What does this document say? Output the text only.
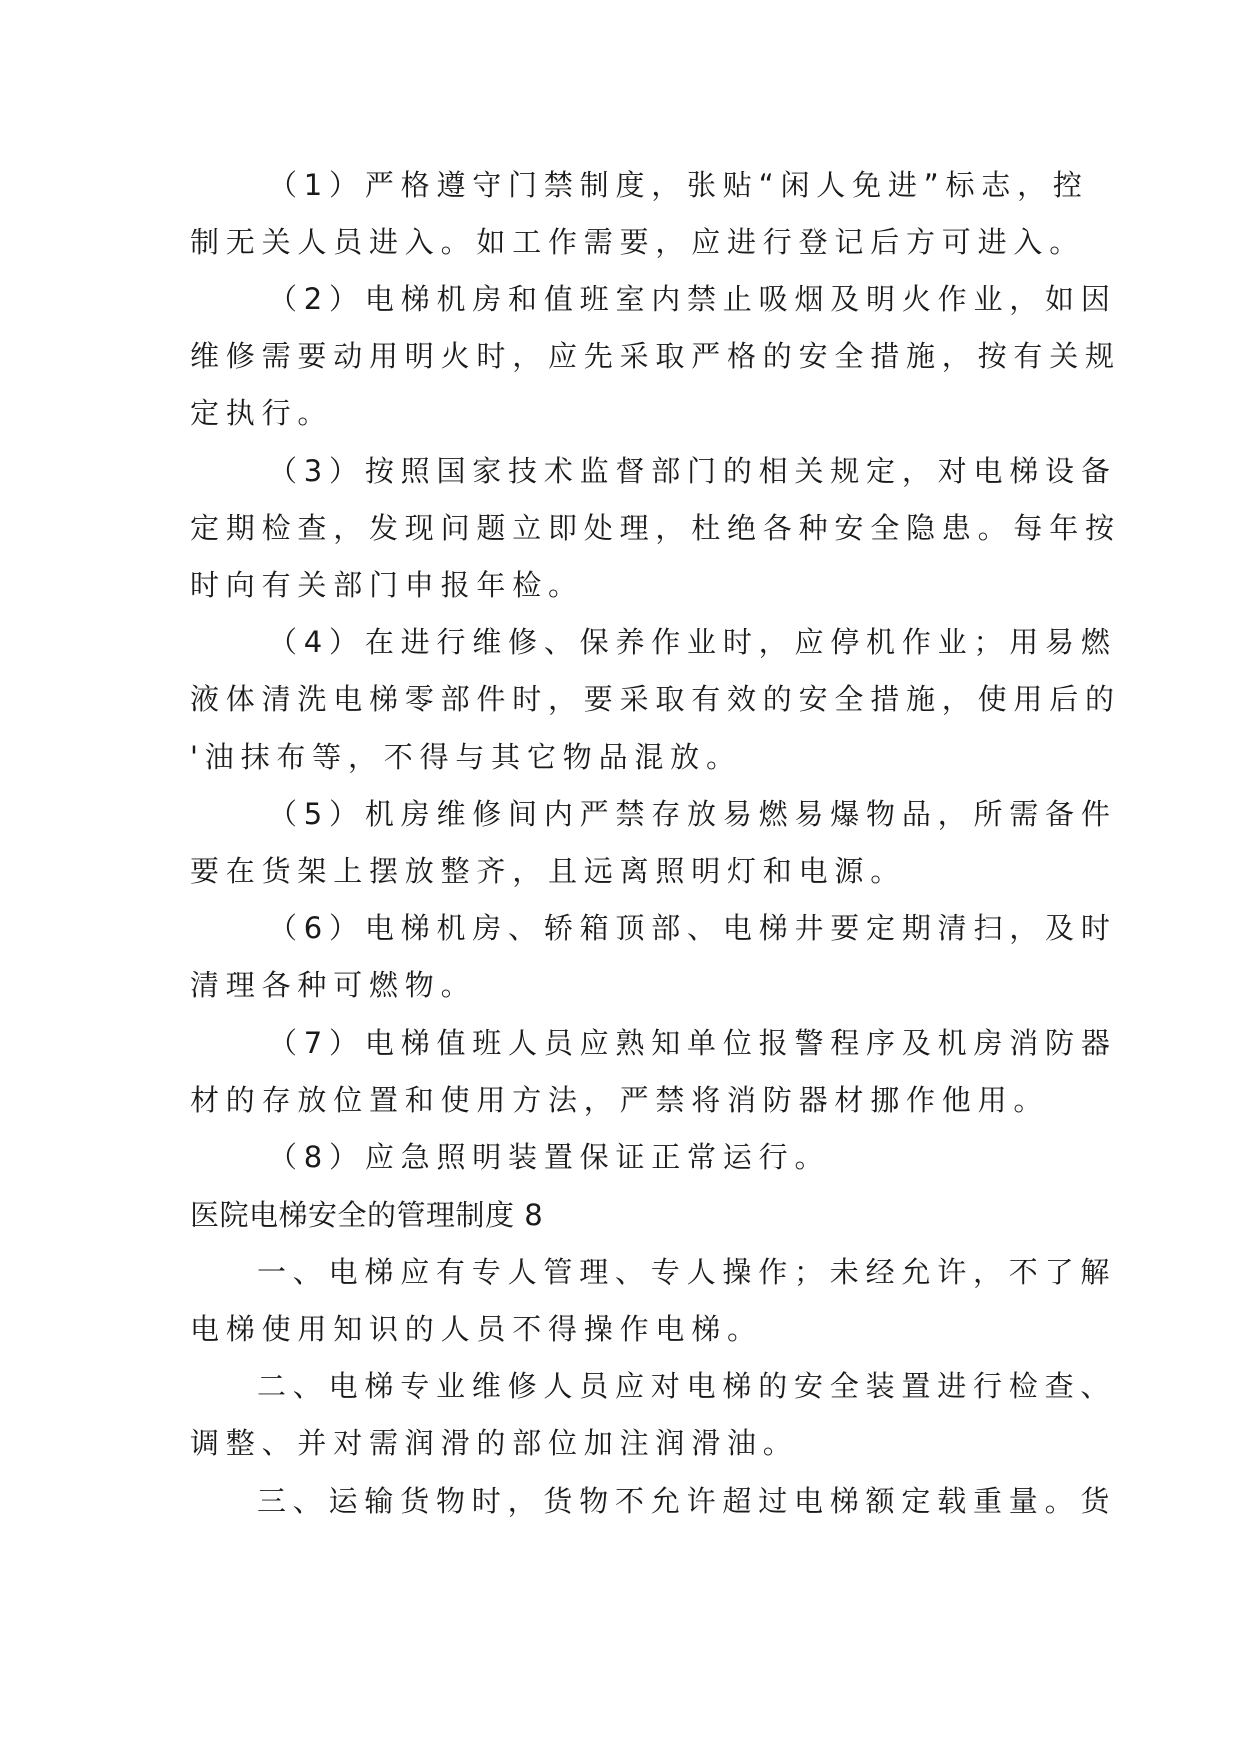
（1）严格遵守门禁制度，张贴“闲人免进”标志，控
制无关人员进入。如工作需要，应进行登记后方可进入。
（2）电梯机房和值班室内禁止吸烟及明火作业，如因
维修需要动用明火时，应先采取严格的安全措施，按有关规
定执行。
（3）按照国家技术监督部门的相关规定，对电梯设备
定期检查，发现问题立即处理，杜绝各种安全隐患。每年按
时向有关部门申报年检。
（4）在进行维修、保养作业时，应停机作业；用易燃
液体清洗电梯零部件时，要采取有效的安全措施，使用后的
'油抹布等，不得与其它物品混放。
（5）机房维修间内严禁存放易燃易爆物品，所需备件
要在货架上摆放整齐，且远离照明灯和电源。
（6）电梯机房、轿箱顶部、电梯井要定期清扫，及时
清理各种可燃物。
（7）电梯值班人员应熟知单位报警程序及机房消防器
材的存放位置和使用方法，严禁将消防器材挪作他用。
（8）应急照明装置保证正常运行。
医院电梯安全的管理制度 8
一、电梯应有专人管理、专人操作；未经允许，不了解
电梯使用知识的人员不得操作电梯。
二、电梯专业维修人员应对电梯的安全装置进行检查、
调整、并对需润滑的部位加注润滑油。
三、运输货物时，货物不允许超过电梯额定载重量。货
